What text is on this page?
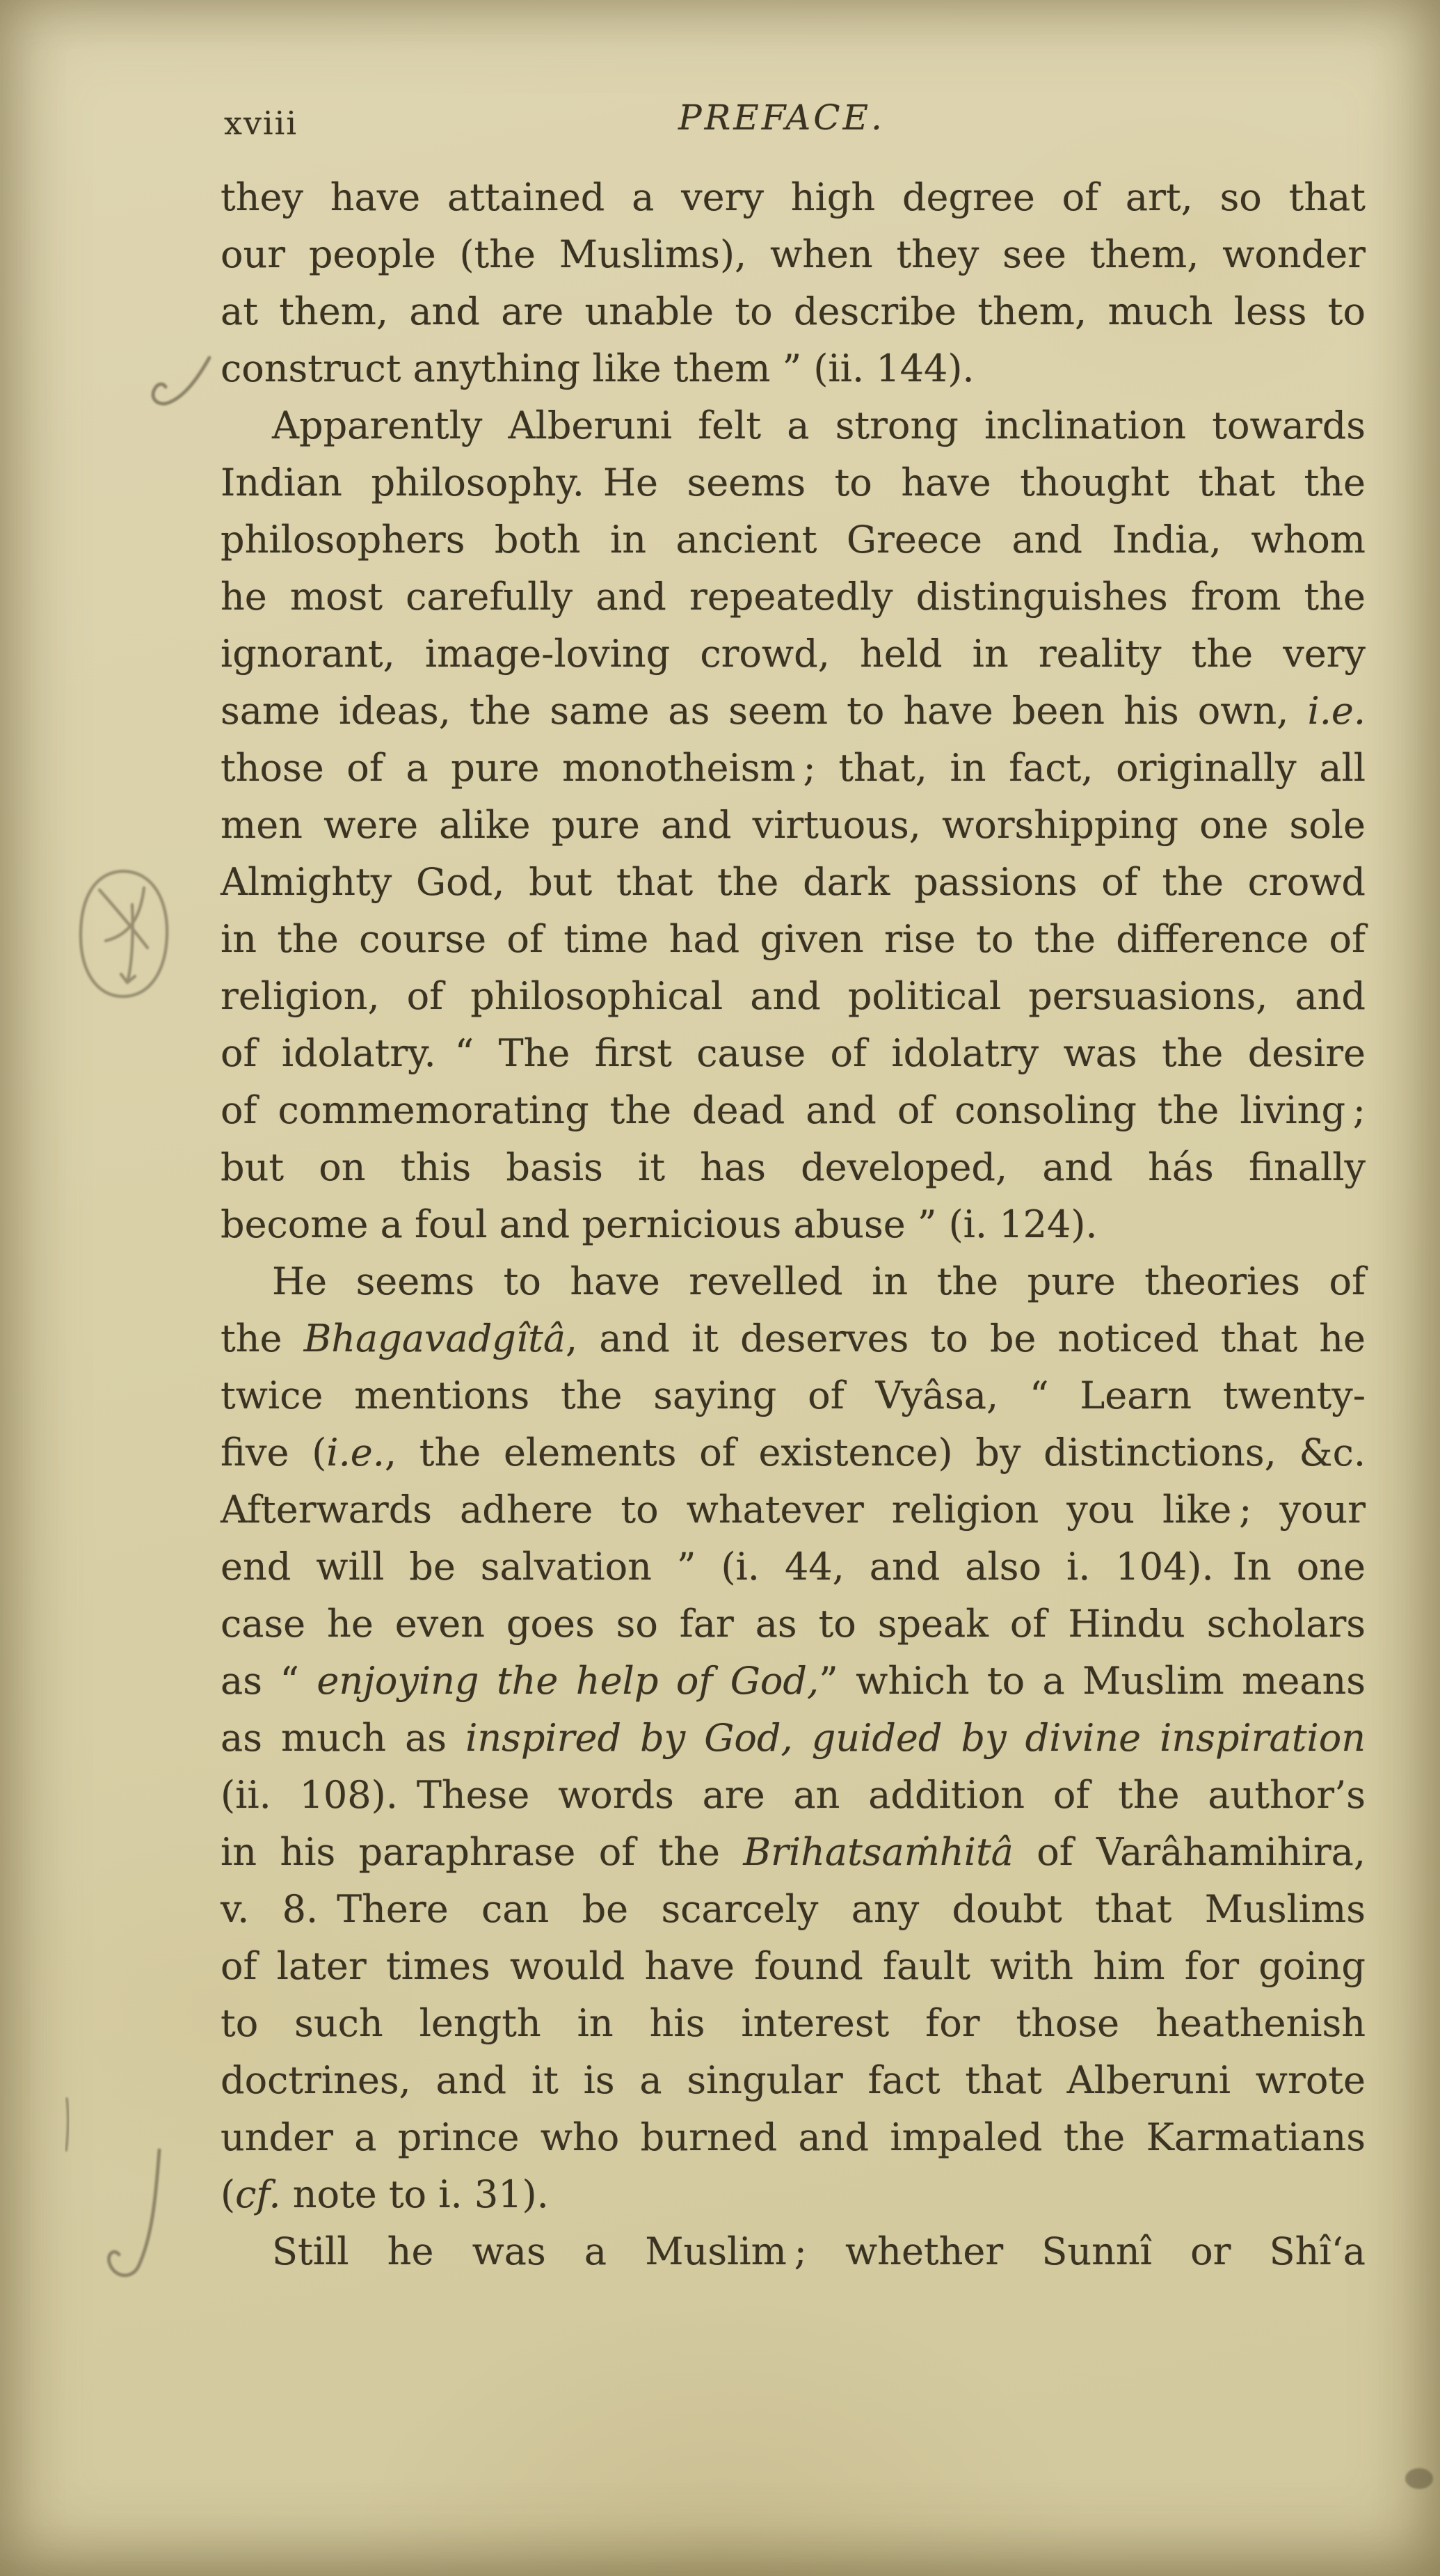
xviii	PREFACE.
they have attained a very high degree of art, so that
our people (the Muslims), when they see them, wonder
at them, and are unable to describe them, much less to
construct anything like them ” (ii. 144).
Apparently Alberuni felt a strong inclination towards
Indian philosophy. He seems to have thought that the
philosophers both in ancient Greece and India, whom
he most carefully and repeatedly distinguishes from the
ignorant, image-loving crowd, held in reality the very
same ideas, the same as seem to have been his own, i.e.
those of a pure monotheism ; that, in fact, originally all
men were alike pure and virtuous, worshipping one sole
Almighty God, but that the dark passions of the crowd
in the course of time had given rise to the difference of
religion, of philosophical and political persuasions, and
of idolatry. “ The first cause of idolatry was the desire
of commemorating the dead and of consoling the living ;
but on this basis it has developed, and hás finally
become a foul and pernicious abuse ” (i. 124).
He seems to have revelled in the pure theories of
the Bhagavadgîtâ, and it deserves to be noticed that he
twice mentions the saying of Vyâsa, “ Learn twenty-
five (i.e., the elements of existence) by distinctions, &c.
Afterwards adhere to whatever religion you like ; your
end will be salvation ” (i. 44, and also i. 104). In one
case he even goes so far as to speak of Hindu scholars
as “ enjoying the help of God,” which to a Muslim means
as much as inspired by God, guided by divine inspiration
(ii. 108). These words are an addition of the author’s
in his paraphrase of the Brihatsaṁhitâ of Varâhamihira,
v. 8. There can be scarcely any doubt that Muslims
of later times would have found fault with him for going
to such length in his interest for those heathenish
doctrines, and it is a singular fact that Alberuni wrote
under a prince who burned and impaled the Karmatians
(cf. note to i. 31).
Still he was a Muslim ; whether Sunnî or Shî‘a
